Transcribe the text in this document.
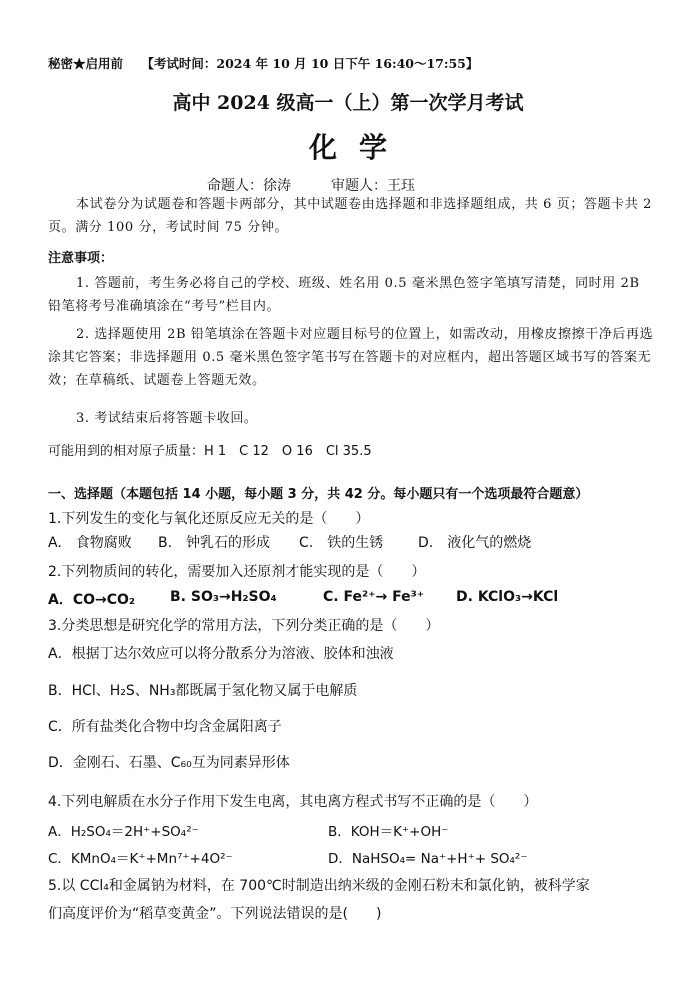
秘密★启用前 【考试时间：2024 年 10 月 10 日下午 16:40～17:55】
高中 2024 级高一（上）第一次学月考试
化学
命题人：徐涛	审题人：王珏
本试卷分为试题卷和答题卡两部分，其中试题卷由选择题和非选择题组成，共 6 页；答题卡共 2 页。满分 100 分，考试时间 75 分钟。
注意事项：
1. 答题前，考生务必将自己的学校、班级、姓名用 0.5 毫米黑色签字笔填写清楚，同时用 2B 铅笔将考号准确填涂在“考号”栏目内。
2. 选择题使用 2B 铅笔填涂在答题卡对应题目标号的位置上，如需改动，用橡皮擦擦干净后再选涂其它答案；非选择题用 0.5 毫米黑色签字笔书写在答题卡的对应框内，超出答题区域书写的答案无效；在草稿纸、试题卷上答题无效。
3. 考试结束后将答题卡收回。
可能用到的相对原子质量：H 1　C 12　O 16　Cl 35.5
一、选择题（本题包括 14 小题，每小题 3 分，共 42 分。每小题只有一个选项最符合题意）
1.下列发生的变化与氧化还原反应无关的是（　　）
A.　食物腐败 B.　钟乳石的形成 C.　铁的生锈 D.　液化气的燃烧
2.下列物质间的转化，需要加入还原剂才能实现的是（　　）
A．CO→CO₂ B. SO₃→H₂SO₄	C. Fe²⁺→ Fe³⁺ D. KClO₃→KCl
3.分类思想是研究化学的常用方法，下列分类正确的是（　　）
A．根据丁达尔效应可以将分散系分为溶液、胶体和浊液
B．HCl、H₂S、NH₃都既属于氢化物又属于电解质
C．所有盐类化合物中均含金属阳离子
D．金刚石、石墨、C₆₀互为同素异形体
4.下列电解质在水分子作用下发生电离，其电离方程式书写不正确的是（　　）
A．H₂SO₄＝2H⁺+SO₄²⁻	B．KOH＝K⁺+OH⁻
C．KMnO₄＝K⁺+Mn⁷⁺+4O²⁻	D．NaHSO₄= Na⁺+H⁺+ SO₄²⁻
5.以 CCl₄和金属钠为材料，在 700℃时制造出纳米级的金刚石粉末和氯化钠，被科学家
们高度评价为“稻草变黄金”。下列说法错误的是(　　)
